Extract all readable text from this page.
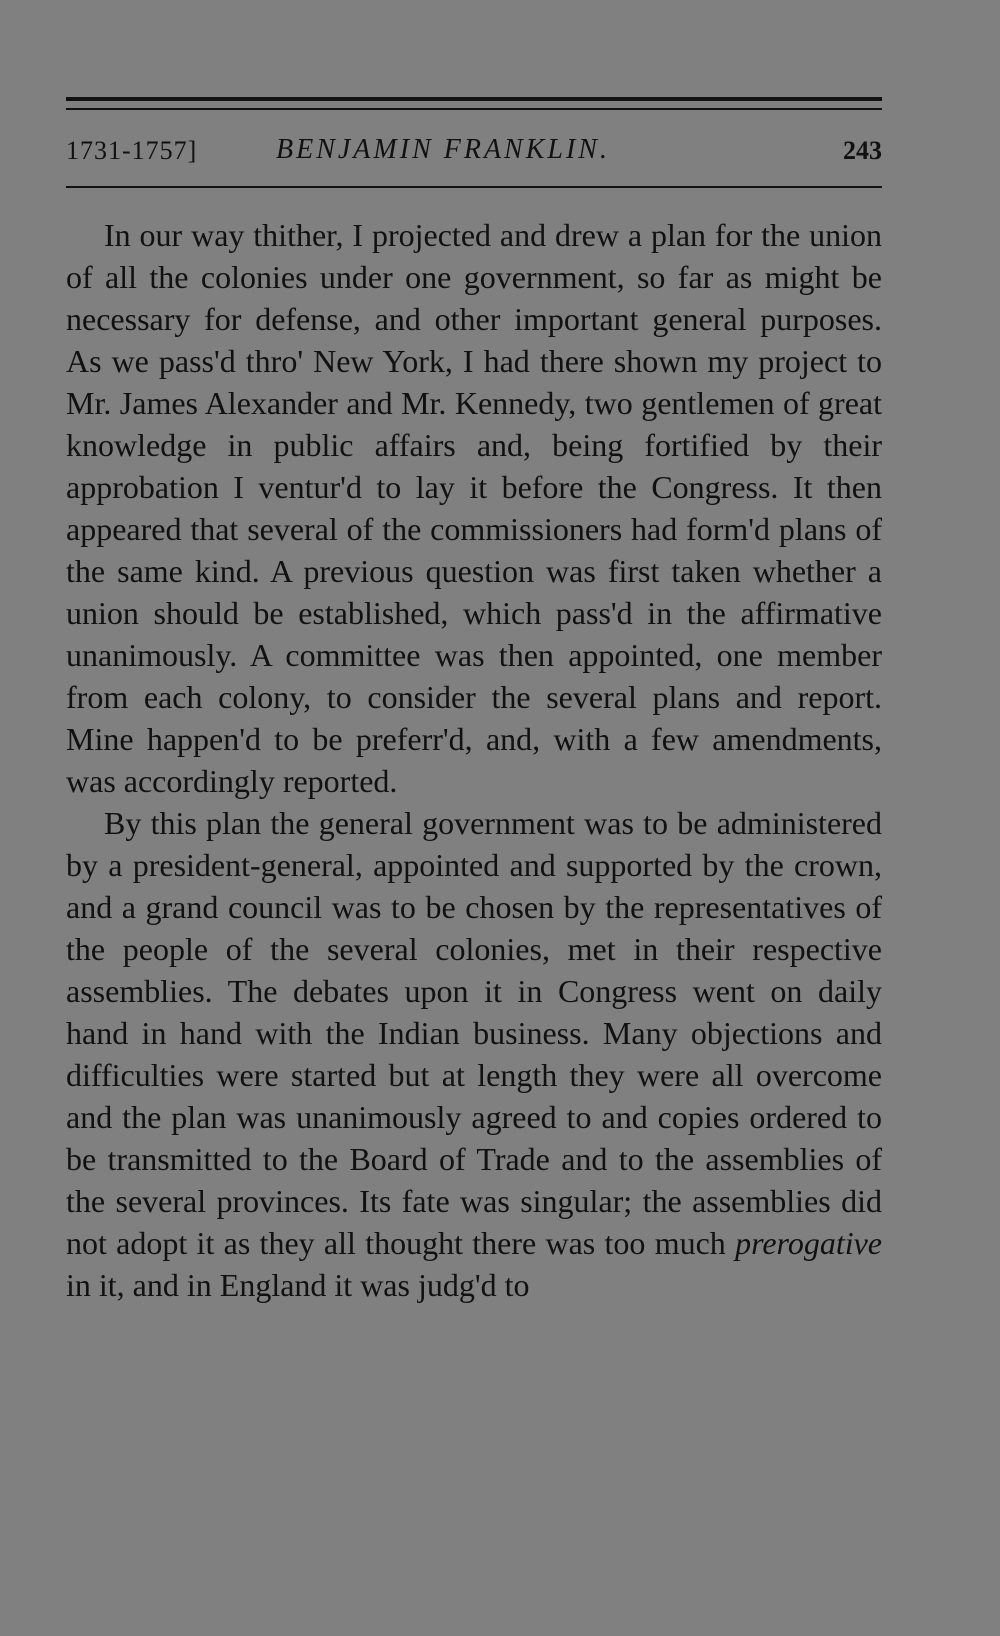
1731-1757]	BENJAMIN FRANKLIN.	243

In our way thither, I projected and drew a plan for the union of all the colonies under one government, so far as might be necessary for defense, and other important general purposes. As we pass'd thro' New York, I had there shown my project to Mr. James Alexander and Mr. Kennedy, two gentlemen of great knowledge in public affairs and, being fortified by their approbation I ventur'd to lay it before the Congress. It then appeared that several of the commissioners had form'd plans of the same kind. A previous question was first taken whether a union should be established, which pass'd in the affirmative unanimously. A committee was then appointed, one member from each colony, to consider the several plans and report. Mine happen'd to be preferr'd, and, with a few amendments, was accordingly reported.

By this plan the general government was to be administered by a president-general, appointed and supported by the crown, and a grand council was to be chosen by the representatives of the people of the several colonies, met in their respective assemblies. The debates upon it in Congress went on daily hand in hand with the Indian business. Many objections and difficulties were started but at length they were all overcome and the plan was unanimously agreed to and copies ordered to be transmitted to the Board of Trade and to the assemblies of the several provinces. Its fate was singular; the assemblies did not adopt it as they all thought there was too much prerogative in it, and in England it was judg'd to
